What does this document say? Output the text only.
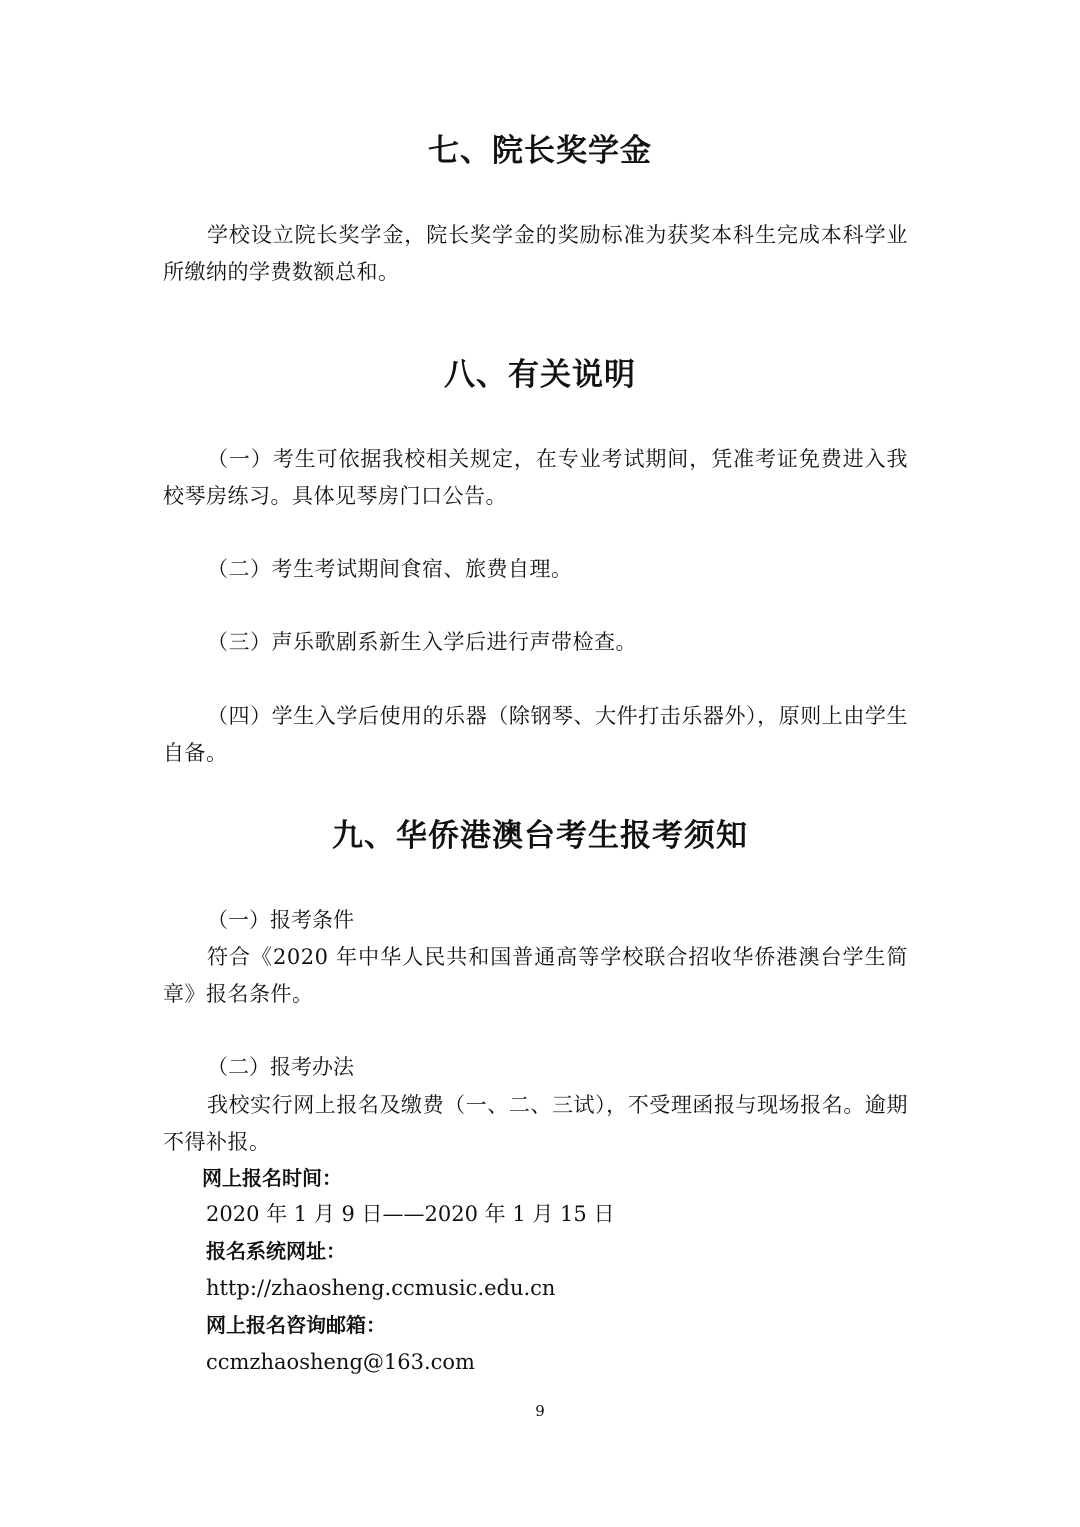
七、院长奖学金
学校设立院长奖学金，院长奖学金的奖励标准为获奖本科生完成本科学业所缴纳的学费数额总和。
八、有关说明
（一）考生可依据我校相关规定，在专业考试期间，凭准考证免费进入我校琴房练习。具体见琴房门口公告。
（二）考生考试期间食宿、旅费自理。
（三）声乐歌剧系新生入学后进行声带检查。
（四）学生入学后使用的乐器（除钢琴、大件打击乐器外），原则上由学生自备。
九、华侨港澳台考生报考须知
（一）报考条件
符合《2020 年中华人民共和国普通高等学校联合招收华侨港澳台学生简章》报名条件。
（二）报考办法
我校实行网上报名及缴费（一、二、三试），不受理函报与现场报名。逾期不得补报。
网上报名时间：
2020 年 1 月 9 日——2020 年 1 月 15 日
报名系统网址：
http://zhaosheng.ccmusic.edu.cn
网上报名咨询邮箱：
ccmzhaosheng@163.com
9
